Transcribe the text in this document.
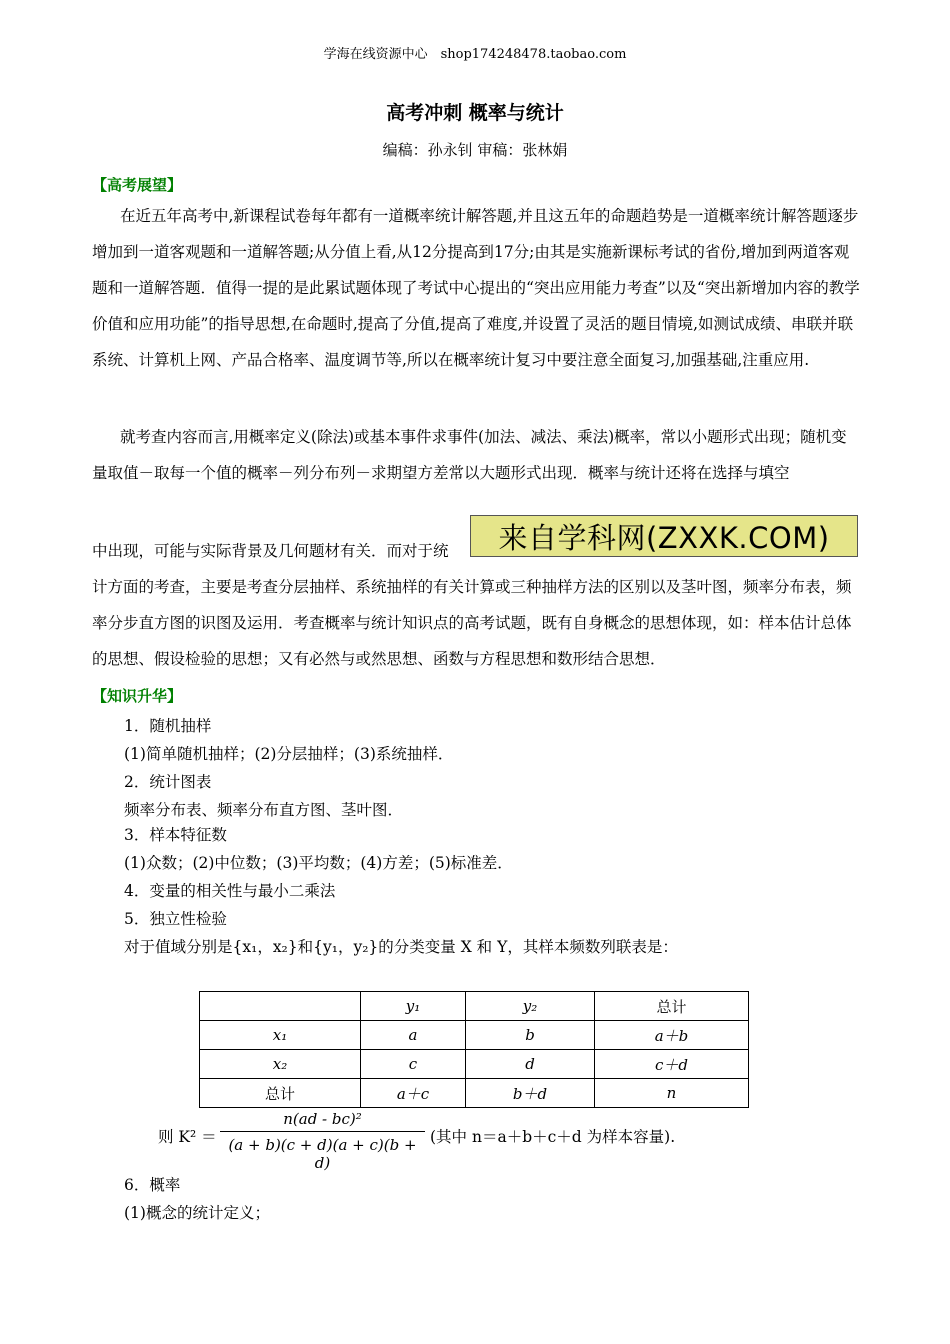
学海在线资源中心　shop174248478.taobao.com
高考冲刺 概率与统计
编稿：孙永钊 审稿：张林娟
【高考展望】
在近五年高考中,新课程试卷每年都有一道概率统计解答题,并且这五年的命题趋势是一道概率统计解答题逐步增加到一道客观题和一道解答题;从分值上看,从12分提高到17分;由其是实施新课标考试的省份,增加到两道客观题和一道解答题．值得一提的是此累试题体现了考试中心提出的“突出应用能力考查”以及“突出新增加内容的教学价值和应用功能”的指导思想,在命题时,提高了分值,提高了难度,并设置了灵活的题目情境,如测试成绩、串联并联系统、计算机上网、产品合格率、温度调节等,所以在概率统计复习中要注意全面复习,加强基础,注重应用.
就考查内容而言,用概率定义(除法)或基本事件求事件(加法、减法、乘法)概率，常以小题形式出现；随机变量取值－取每一个值的概率－列分布列－求期望方差常以大题形式出现．概率与统计还将在选择与填空
中出现，可能与实际背景及几何题材有关．而对于统	来自学科网(ZXXK.COM)
计方面的考查，主要是考查分层抽样、系统抽样的有关计算或三种抽样方法的区别以及茎叶图，频率分布表，频率分步直方图的识图及运用．考查概率与统计知识点的高考试题，既有自身概念的思想体现，如：样本估计总体的思想、假设检验的思想；又有必然与或然思想、函数与方程思想和数形结合思想．
【知识升华】
1．随机抽样
(1)简单随机抽样；(2)分层抽样；(3)系统抽样．
2．统计图表
频率分布表、频率分布直方图、茎叶图．
3．样本特征数
(1)众数；(2)中位数；(3)平均数；(4)方差；(5)标准差．
4．变量的相关性与最小二乘法
5．独立性检验
对于值域分别是{x₁，x₂}和{y₁，y₂}的分类变量 X 和 Y，其样本频数列联表是：
	y₁	y₂	总计
x₁	a	b	a＋b
x₂	c	d	c＋d
总计	a＋c	b＋d	n
则 $K^2 = \frac{\text{n(ad - bc)²}}{(a + b)(c + d)(a + c)(b + d)}$ (其中 n＝a＋b＋c＋d 为样本容量).
6．概率
(1)概念的统计定义；
